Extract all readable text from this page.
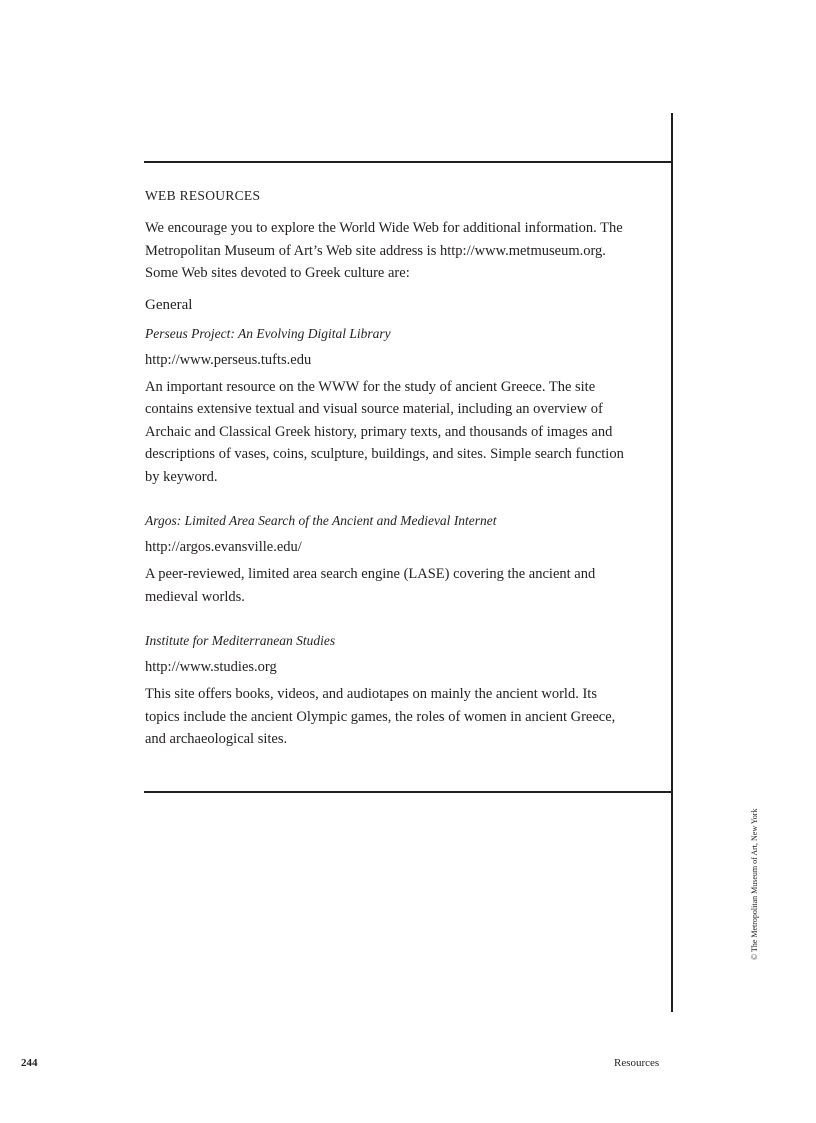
WEB RESOURCES

We encourage you to explore the World Wide Web for additional information. The Metropolitan Museum of Art’s Web site address is http://www.metmuseum.org. Some Web sites devoted to Greek culture are:

General
Perseus Project: An Evolving Digital Library
http://www.perseus.tufts.edu

An important resource on the WWW for the study of ancient Greece. The site contains extensive textual and visual source material, including an overview of Archaic and Classical Greek history, primary texts, and thousands of images and descriptions of vases, coins, sculpture, buildings, and sites. Simple search function by keyword.

Argos: Limited Area Search of the Ancient and Medieval Internet
http://argos.evansville.edu/

A peer-reviewed, limited area search engine (LASE) covering the ancient and medieval worlds.

Institute for Mediterranean Studies
http://www.studies.org

This site offers books, videos, and audiotapes on mainly the ancient world. Its topics include the ancient Olympic games, the roles of women in ancient Greece, and archaeological sites.

© The Metropolitan Museum of Art, New York
244	Resources
